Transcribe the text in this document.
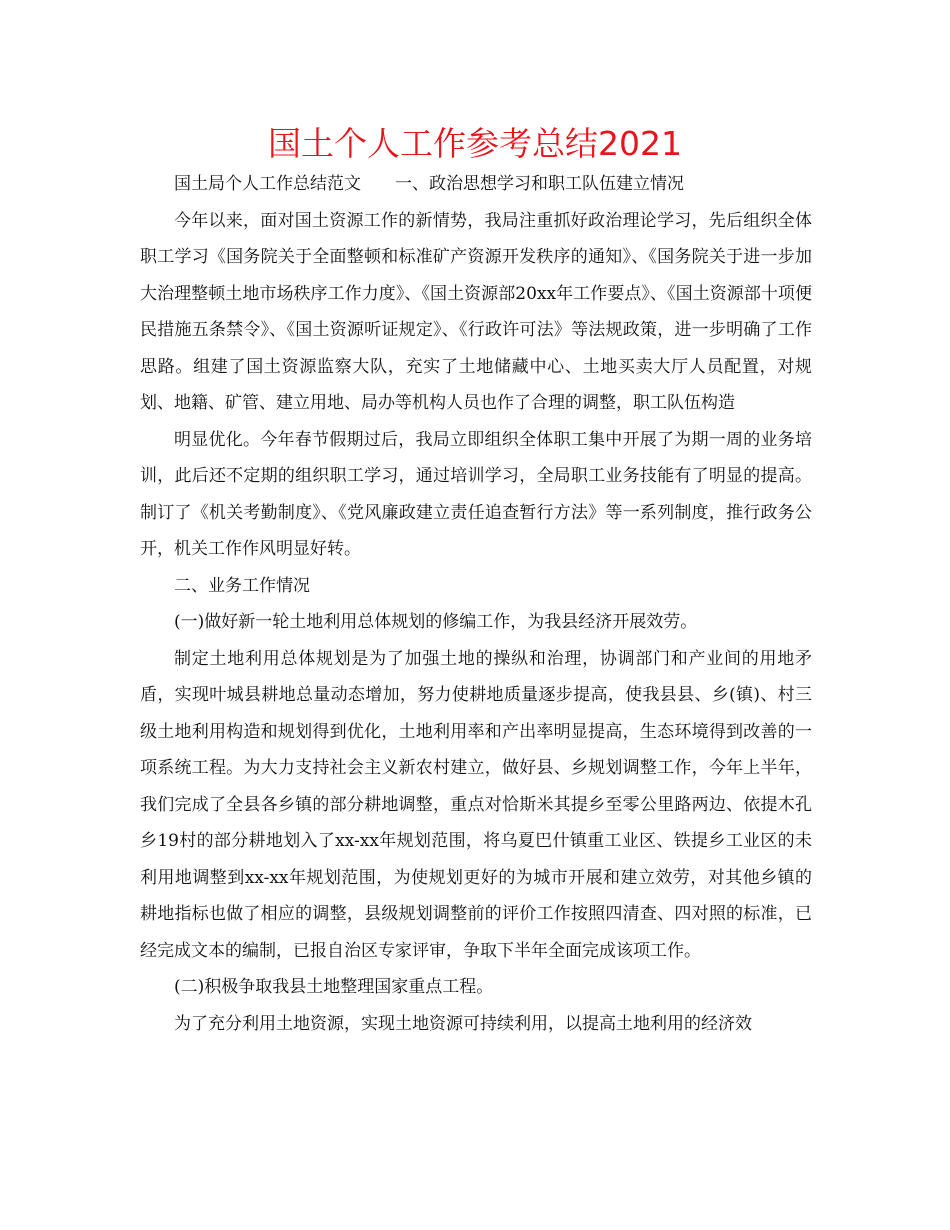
国土个人工作参考总结2021

国土局个人工作总结范文　　一、政治思想学习和职工队伍建立情况

今年以来，面对国土资源工作的新情势，我局注重抓好政治理论学习，先后组织全体职工学习《国务院关于全面整顿和标准矿产资源开发秩序的通知》、《国务院关于进一步加大治理整顿土地市场秩序工作力度》、《国土资源部20xx年工作要点》、《国土资源部十项便民措施五条禁令》、《国土资源听证规定》、《行政许可法》等法规政策，进一步明确了工作思路。组建了国土资源监察大队，充实了土地储藏中心、土地买卖大厅人员配置，对规划、地籍、矿管、建立用地、局办等机构人员也作了合理的调整，职工队伍构造

明显优化。今年春节假期过后，我局立即组织全体职工集中开展了为期一周的业务培训，此后还不定期的组织职工学习，通过培训学习，全局职工业务技能有了明显的提高。制订了《机关考勤制度》、《党风廉政建立责任追查暂行方法》等一系列制度，推行政务公开，机关工作作风明显好转。

二、业务工作情况

(一)做好新一轮土地利用总体规划的修编工作，为我县经济开展效劳。

制定土地利用总体规划是为了加强土地的操纵和治理，协调部门和产业间的用地矛盾，实现叶城县耕地总量动态增加，努力使耕地质量逐步提高，使我县县、乡(镇)、村三级土地利用构造和规划得到优化，土地利用率和产出率明显提高，生态环境得到改善的一项系统工程。为大力支持社会主义新农村建立，做好县、乡规划调整工作，今年上半年，我们完成了全县各乡镇的部分耕地调整，重点对恰斯米其提乡至零公里路两边、依提木孔乡19村的部分耕地划入了xx-xx年规划范围，将乌夏巴什镇重工业区、铁提乡工业区的未利用地调整到xx-xx年规划范围，为使规划更好的为城市开展和建立效劳，对其他乡镇的耕地指标也做了相应的调整，县级规划调整前的评价工作按照四清查、四对照的标准，已经完成文本的编制，已报自治区专家评审，争取下半年全面完成该项工作。

(二)积极争取我县土地整理国家重点工程。

为了充分利用土地资源，实现土地资源可持续利用，以提高土地利用的经济效
